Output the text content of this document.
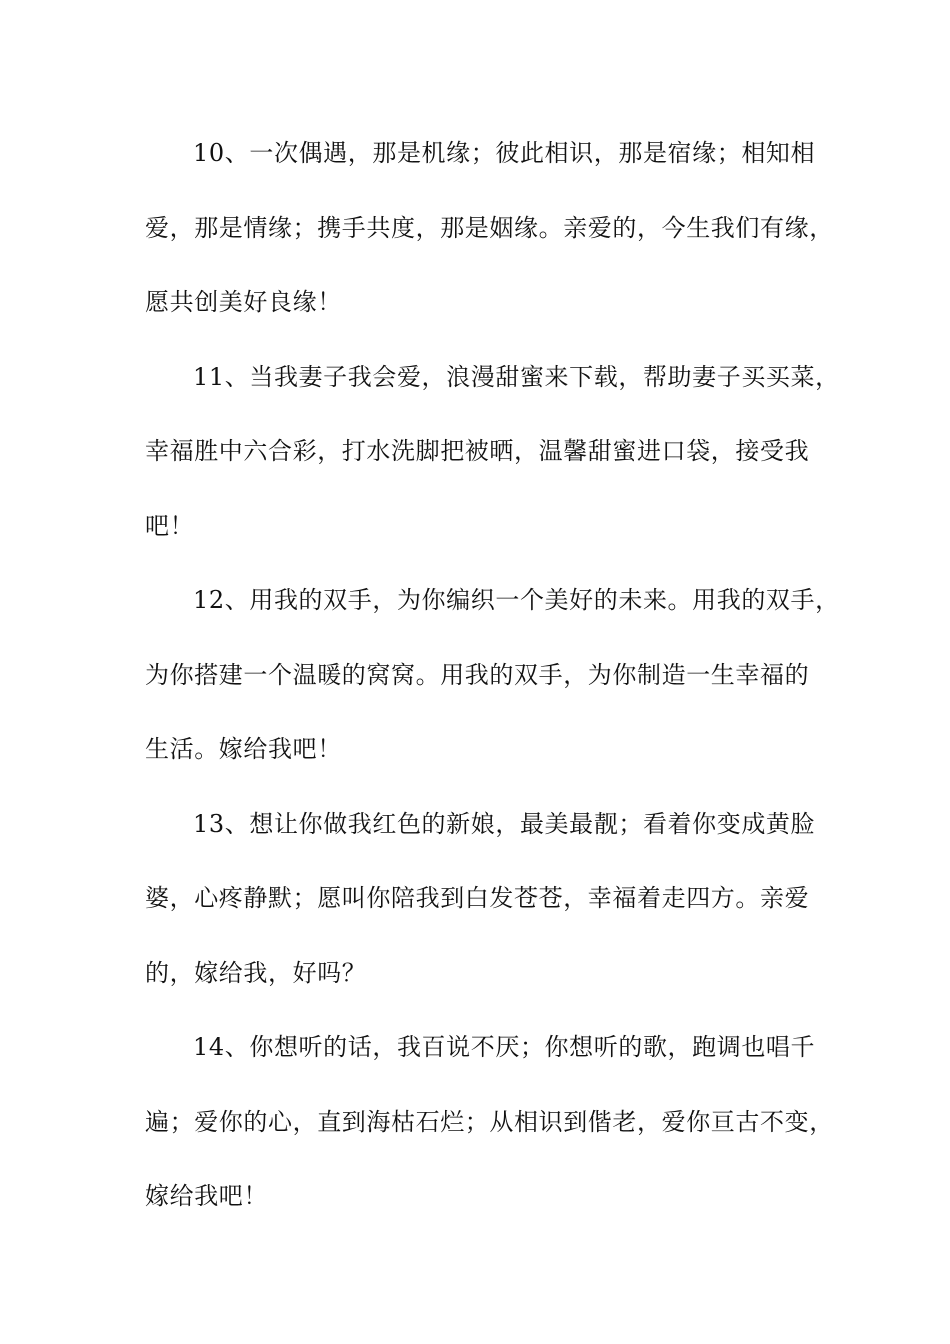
10、一次偶遇，那是机缘；彼此相识，那是宿缘；相知相
爱，那是情缘；携手共度，那是姻缘。亲爱的，今生我们有缘，
愿共创美好良缘！

11、当我妻子我会爱，浪漫甜蜜来下载，帮助妻子买买菜，
幸福胜中六合彩，打水洗脚把被晒，温馨甜蜜进口袋，接受我
吧！

12、用我的双手，为你编织一个美好的未来。用我的双手，
为你搭建一个温暖的窝窝。用我的双手，为你制造一生幸福的
生活。嫁给我吧！

13、想让你做我红色的新娘，最美最靓；看着你变成黄脸
婆，心疼静默；愿叫你陪我到白发苍苍，幸福着走四方。亲爱
的，嫁给我，好吗？

14、你想听的话，我百说不厌；你想听的歌，跑调也唱千
遍；爱你的心，直到海枯石烂；从相识到偕老，爱你亘古不变，
嫁给我吧！
